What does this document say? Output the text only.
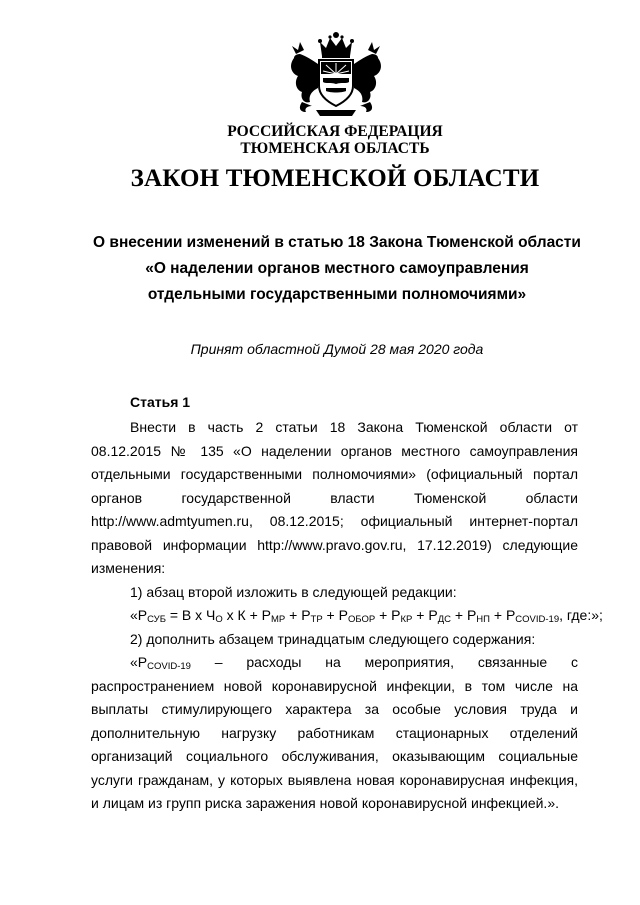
РОССИЙСКАЯ ФЕДЕРАЦИЯ
ТЮМЕНСКАЯ ОБЛАСТЬ
ЗАКОН ТЮМЕНСКОЙ ОБЛАСТИ
О внесении изменений в статью 18 Закона Тюменской области
«О наделении органов местного самоуправления
отдельными государственными полномочиями»
Принят областной Думой 28 мая 2020 года
Статья 1

Внести в часть 2 статьи 18 Закона Тюменской области от 08.12.2015 № 135 «О наделении органов местного самоуправления отдельными государственными полномочиями» (официальный портал органов государственной власти Тюменской области http://www.admtyumen.ru, 08.12.2015; официальный интернет-портал правовой информации http://www.pravo.gov.ru, 17.12.2019) следующие изменения:

1) абзац второй изложить в следующей редакции:

«$Р_{СУБ} = В$ х $Ч_О$ х $К + Р_{МР} + Р_{ТР} + Р_{ОБОР} + Р_{КР} + Р_{ДС} + Р_{НП} + Р_{COVID-19}$, где:»;

2) дополнить абзацем тринадцатым следующего содержания:

«$Р_{COVID-19}$ – расходы на мероприятия, связанные с распространением новой коронавирусной инфекции, в том числе на выплаты стимулирующего характера за особые условия труда и дополнительную нагрузку работникам стационарных отделений организаций социального обслуживания, оказывающим социальные услуги гражданам, у которых выявлена новая коронавирусная инфекция, и лицам из групп риска заражения новой коронавирусной инфекцией.».
